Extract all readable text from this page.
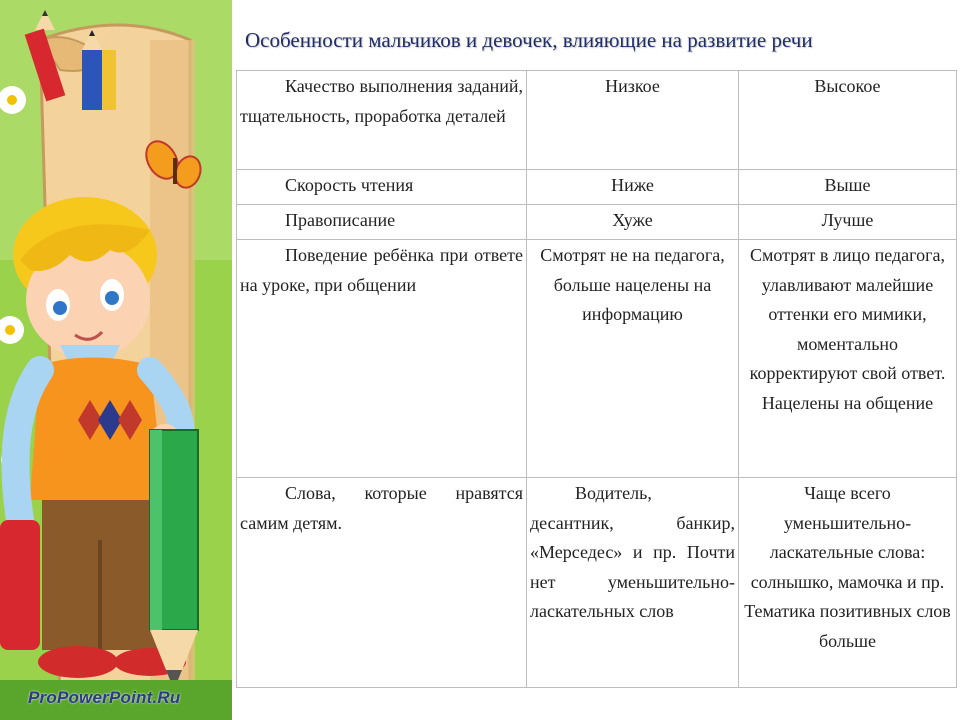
ProPowerPoint.Ru
Особенности мальчиков и девочек, влияющие на развитие речи
Качество выполнения заданий, тщательность, проработка деталей	Низкое	Высокое
Скорость чтения	Ниже	Выше
Правописание	Хуже	Лучше
Поведение ребёнка при ответе на уроке, при общении	Смотрят не на педагога, больше нацелены на информацию	Смотрят в лицо педагога, улавливают малейшие оттенки его мимики, моментально корректируют свой ответ. Нацелены на общение
Слова, которые нравятся самим детям.	Водитель, десантник, банкир, «Мерседес» и пр. Почти нет уменьшительно-ласкательных слов	Чаще всего уменьшительно-ласкательные слова: солнышко, мамочка и пр. Тематика позитивных слов больше
